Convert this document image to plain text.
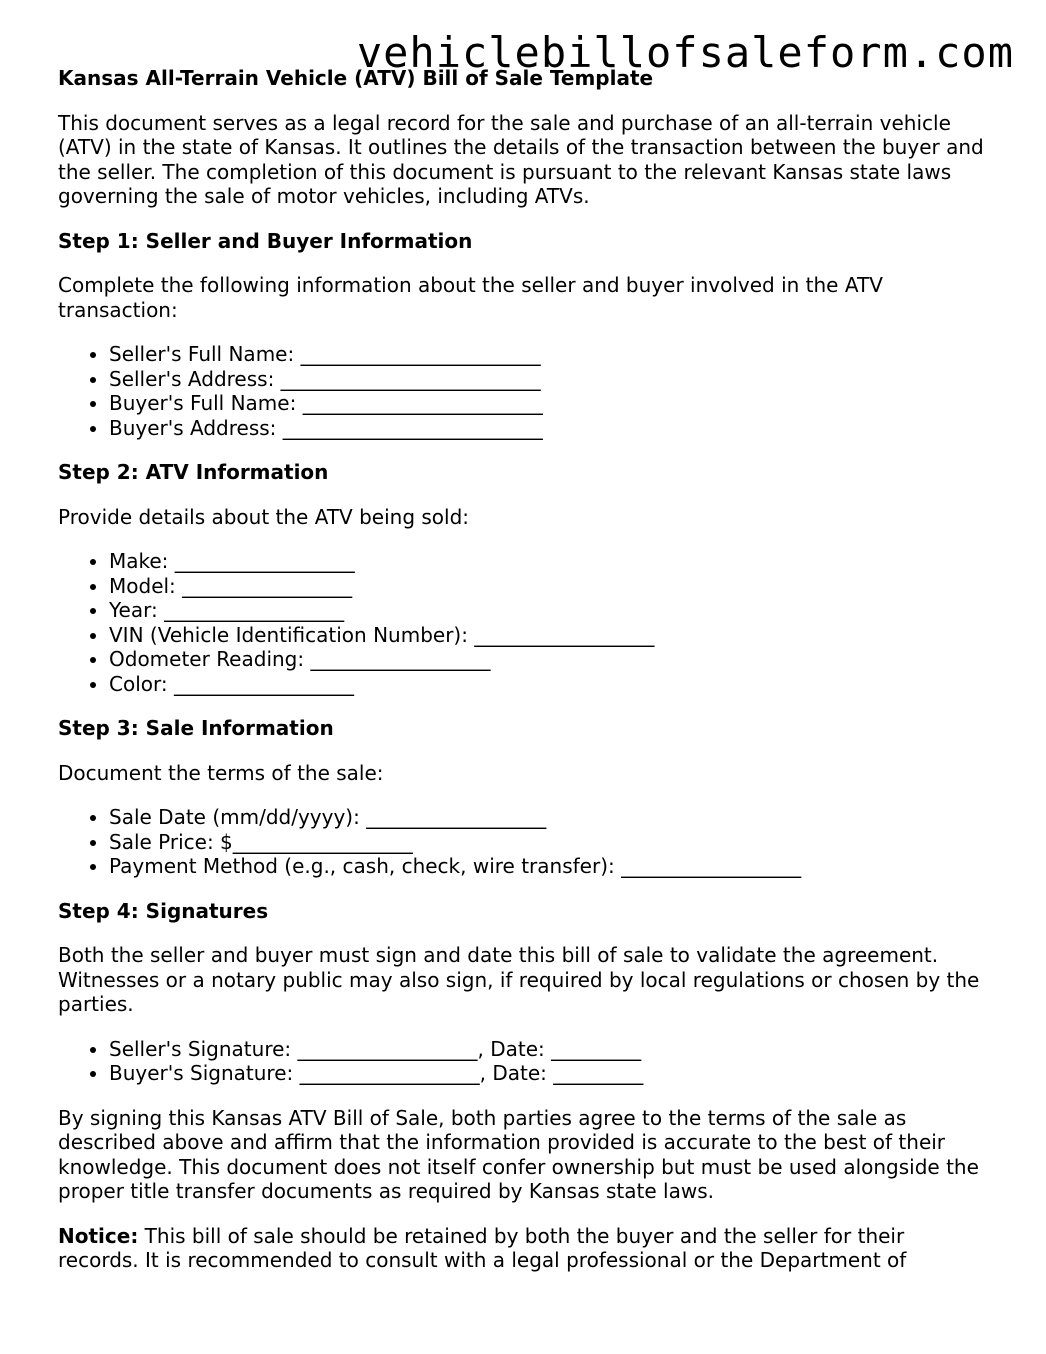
vehiclebillofsaleform.com
Kansas All-Terrain Vehicle (ATV) Bill of Sale Template

This document serves as a legal record for the sale and purchase of an all-terrain vehicle (ATV) in the state of Kansas. It outlines the details of the transaction between the buyer and the seller. The completion of this document is pursuant to the relevant Kansas state laws governing the sale of motor vehicles, including ATVs.

Step 1: Seller and Buyer Information

Complete the following information about the seller and buyer involved in the ATV transaction:

• Seller's Full Name: ________________________
• Seller's Address: __________________________
• Buyer's Full Name: ________________________
• Buyer's Address: __________________________
Step 2: ATV Information

Provide details about the ATV being sold:

• Make: __________________
• Model: _________________
• Year: __________________
• VIN (Vehicle Identification Number): __________________
• Odometer Reading: __________________
• Color: __________________
Step 3: Sale Information

Document the terms of the sale:

• Sale Date (mm/dd/yyyy): __________________
• Sale Price: $__________________
• Payment Method (e.g., cash, check, wire transfer): __________________
Step 4: Signatures

Both the seller and buyer must sign and date this bill of sale to validate the agreement. Witnesses or a notary public may also sign, if required by local regulations or chosen by the parties.

• Seller's Signature: __________________, Date: _________
• Buyer's Signature: __________________, Date: _________

By signing this Kansas ATV Bill of Sale, both parties agree to the terms of the sale as described above and affirm that the information provided is accurate to the best of their knowledge. This document does not itself confer ownership but must be used alongside the proper title transfer documents as required by Kansas state laws.

Notice: This bill of sale should be retained by both the buyer and the seller for their records. It is recommended to consult with a legal professional or the Department of
